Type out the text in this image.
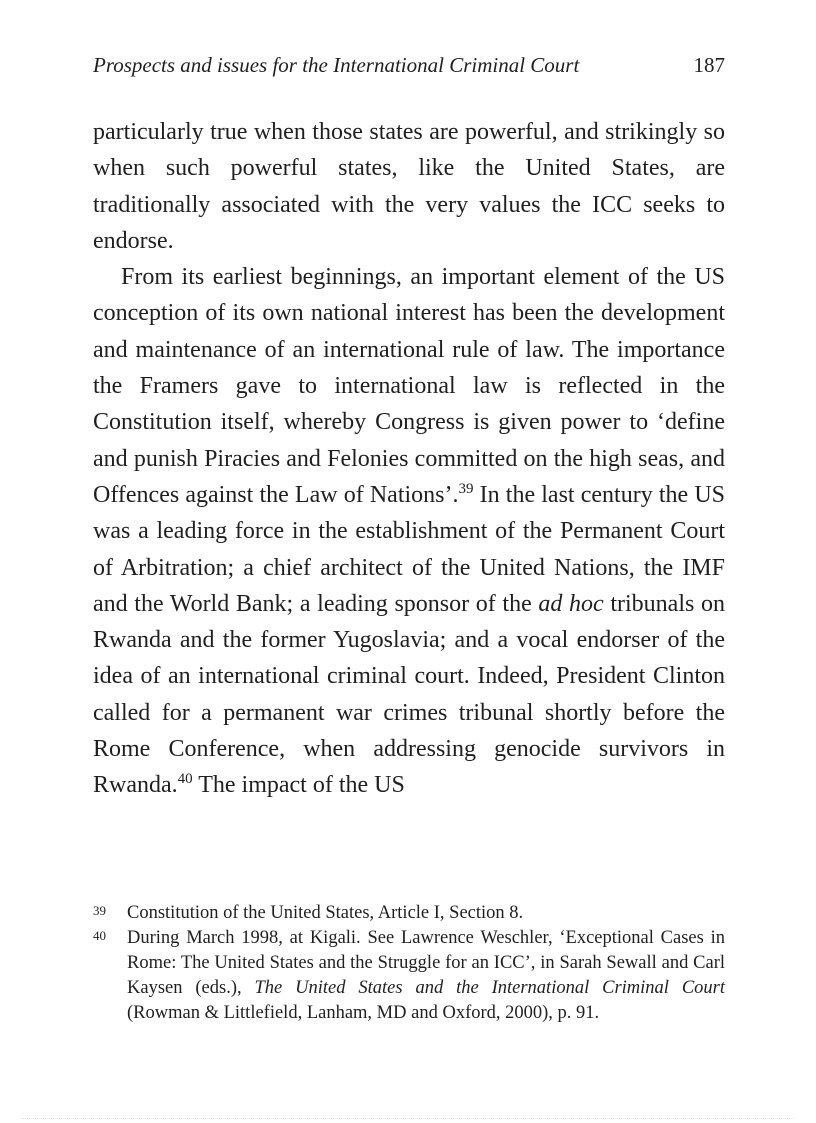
Prospects and issues for the International Criminal Court	187

particularly true when those states are powerful, and strikingly so when such powerful states, like the United States, are traditionally associated with the very values the ICC seeks to endorse.

From its earliest beginnings, an important element of the US conception of its own national interest has been the development and maintenance of an international rule of law. The importance the Framers gave to international law is reflected in the Constitution itself, whereby Congress is given power to ‘define and punish Piracies and Felonies committed on the high seas, and Offences against the Law of Nations’.$^{39}$ In the last century the US was a leading force in the establishment of the Permanent Court of Arbitration; a chief architect of the United Nations, the IMF and the World Bank; a leading sponsor of the ad hoc tribunals on Rwanda and the former Yugoslavia; and a vocal endorser of the idea of an international criminal court. Indeed, President Clinton called for a permanent war crimes tribunal shortly before the Rome Conference, when addressing genocide survivors in Rwanda.$^{40}$ The impact of the US

39 Constitution of the United States, Article I, Section 8.
40 During March 1998, at Kigali. See Lawrence Weschler, ‘Exceptional Cases in Rome: The United States and the Struggle for an ICC’, in Sarah Sewall and Carl Kaysen (eds.), The United States and the International Criminal Court (Rowman & Littlefield, Lanham, MD and Oxford, 2000), p. 91.
